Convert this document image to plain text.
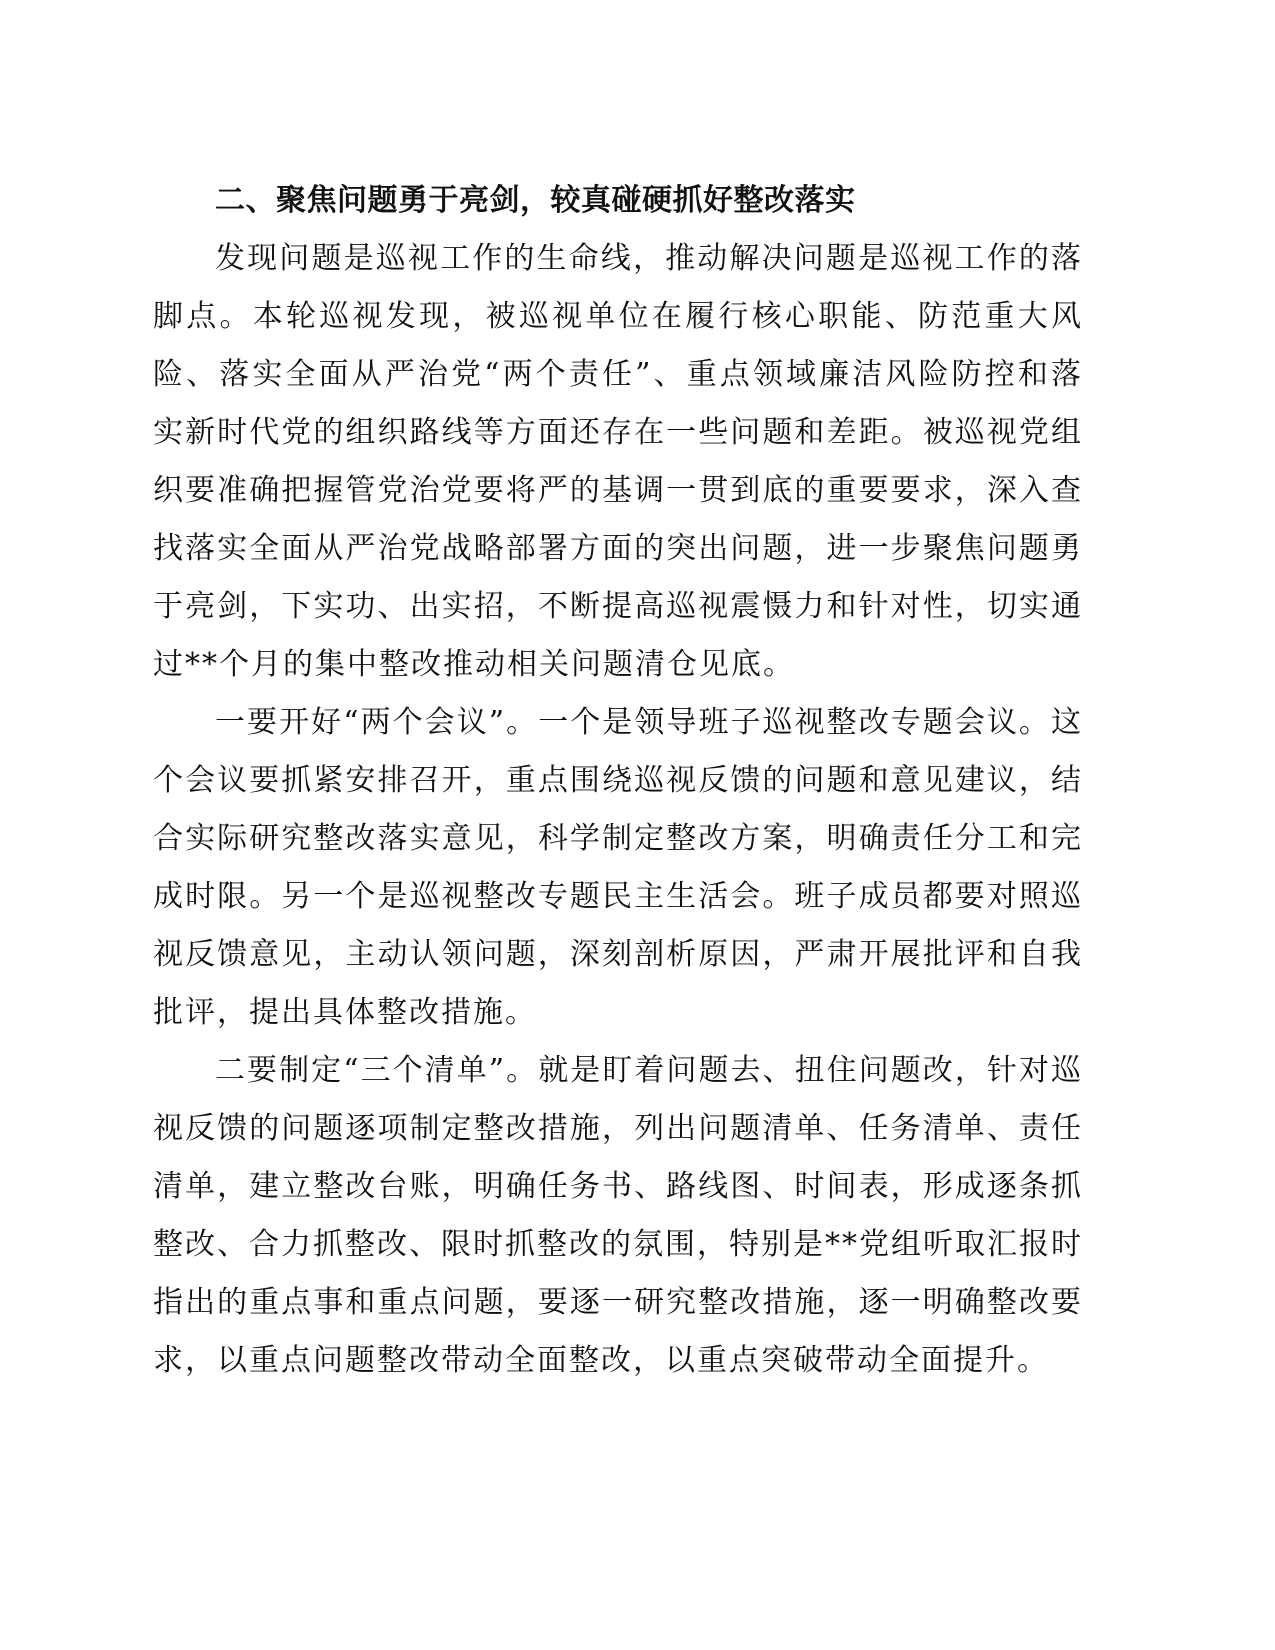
二、聚焦问题勇于亮剑，较真碰硬抓好整改落实

发现问题是巡视工作的生命线，推动解决问题是巡视工作的落脚点。本轮巡视发现，被巡视单位在履行核心职能、防范重大风险、落实全面从严治党“两个责任”、重点领域廉洁风险防控和落实新时代党的组织路线等方面还存在一些问题和差距。被巡视党组织要准确把握管党治党要将严的基调一贯到底的重要要求，深入查找落实全面从严治党战略部署方面的突出问题，进一步聚焦问题勇于亮剑，下实功、出实招，不断提高巡视震慑力和针对性，切实通过**个月的集中整改推动相关问题清仓见底。

一要开好“两个会议”。一个是领导班子巡视整改专题会议。这个会议要抓紧安排召开，重点围绕巡视反馈的问题和意见建议，结合实际研究整改落实意见，科学制定整改方案，明确责任分工和完成时限。另一个是巡视整改专题民主生活会。班子成员都要对照巡视反馈意见，主动认领问题，深刻剖析原因，严肃开展批评和自我批评，提出具体整改措施。

二要制定“三个清单”。就是盯着问题去、扭住问题改，针对巡视反馈的问题逐项制定整改措施，列出问题清单、任务清单、责任清单，建立整改台账，明确任务书、路线图、时间表，形成逐条抓整改、合力抓整改、限时抓整改的氛围，特别是**党组听取汇报时指出的重点事和重点问题，要逐一研究整改措施，逐一明确整改要求，以重点问题整改带动全面整改，以重点突破带动全面提升。
